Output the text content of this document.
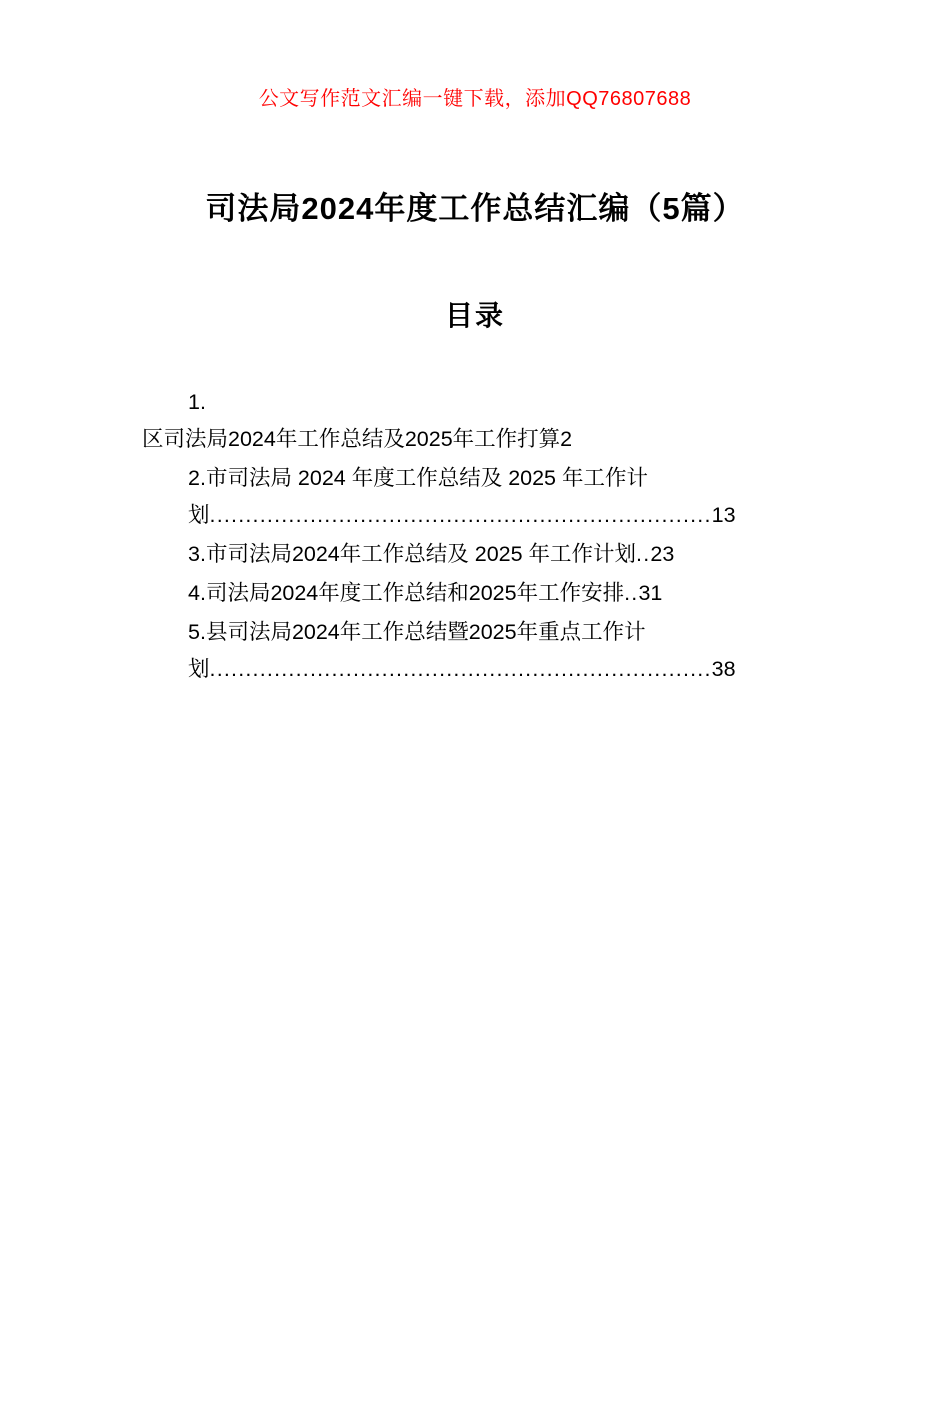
公文写作范文汇编一键下载，添加QQ76807688
司法局2024年度工作总结汇编（5篇）
目录
1.
区司法局2024年工作总结及2025年工作打算2
2.市司法局 2024 年度工作总结及 2025 年工作计划......................................................................13
3.市司法局2024年工作总结及 2025 年工作计划..23
4.司法局2024年度工作总结和2025年工作安排..31
5.县司法局2024年工作总结暨2025年重点工作计划......................................................................38
